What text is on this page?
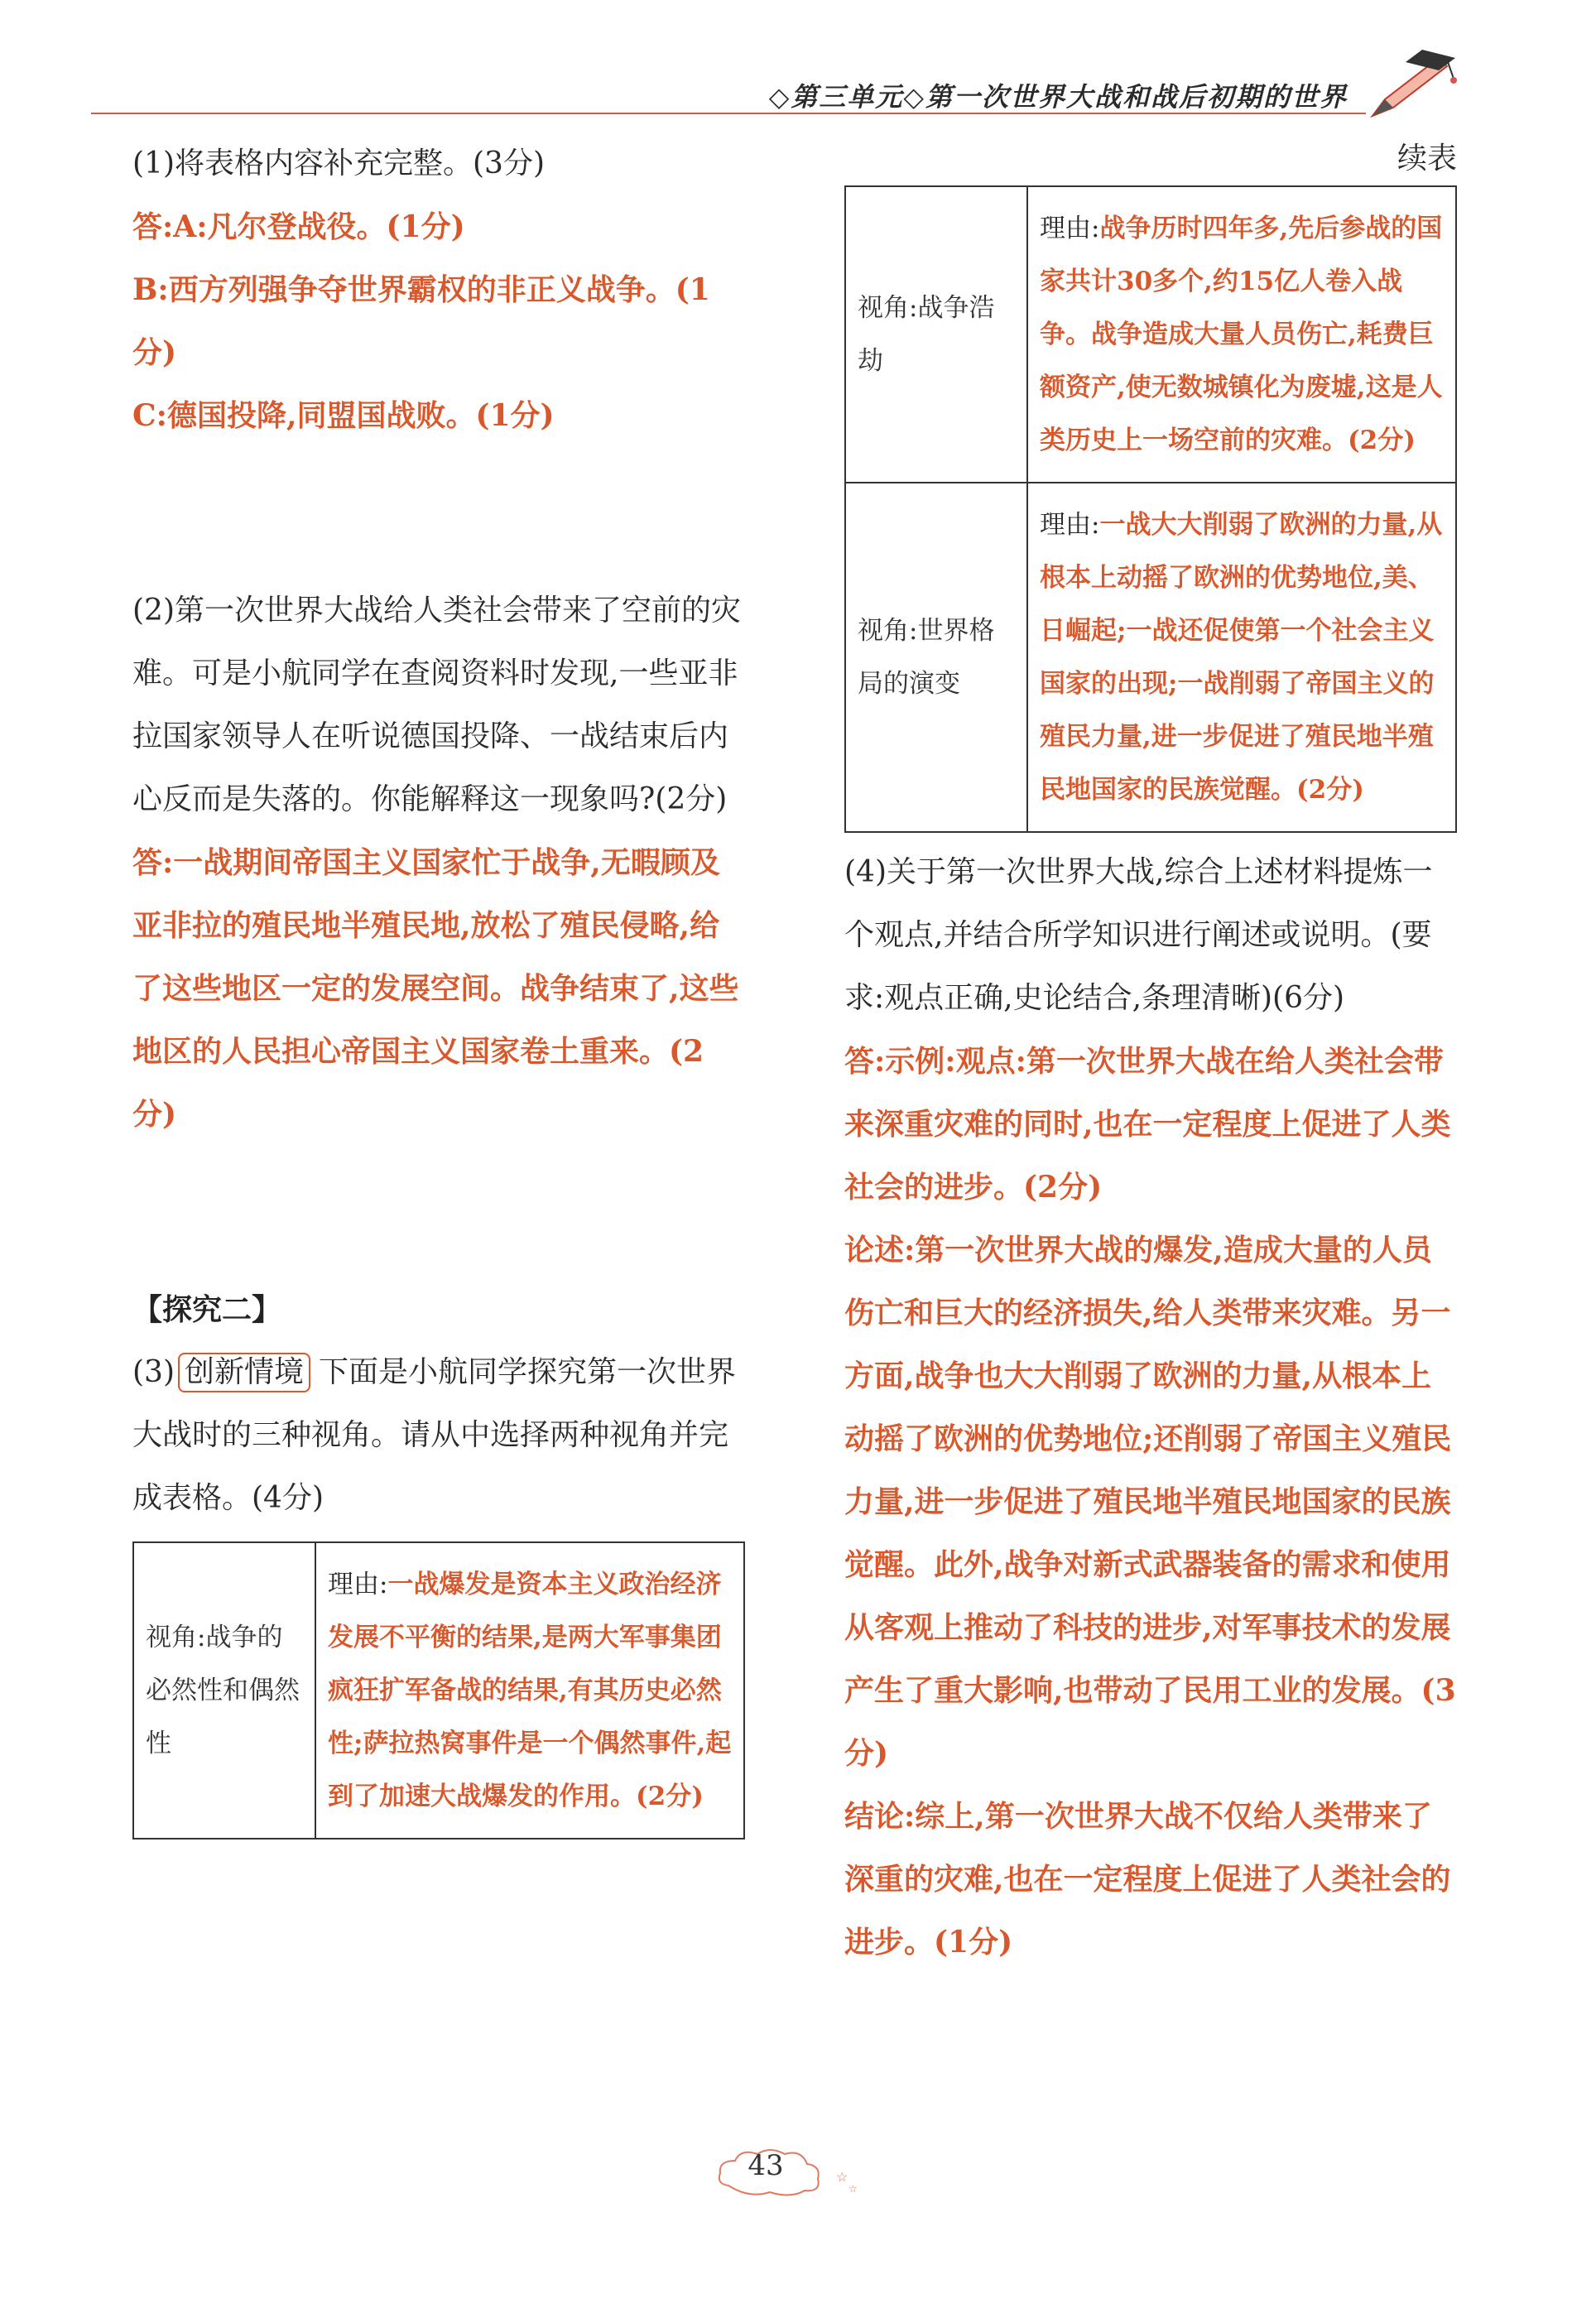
◇第三单元◇第一次世界大战和战后初期的世界

(1)将表格内容补充完整。(3分)

答:A:凡尔登战役。(1分)

B:西方列强争夺世界霸权的非正义战争。(1分)

C:德国投降,同盟国战败。(1分)

(2)第一次世界大战给人类社会带来了空前的灾难。可是小航同学在查阅资料时发现,一些亚非拉国家领导人在听说德国投降、一战结束后内心反而是失落的。你能解释这一现象吗?(2分)

答:一战期间帝国主义国家忙于战争,无暇顾及亚非拉的殖民地半殖民地,放松了殖民侵略,给了这些地区一定的发展空间。战争结束了,这些地区的人民担心帝国主义国家卷土重来。(2分)

【探究二】

(3) 创新情境 下面是小航同学探究第一次世界大战时的三种视角。请从中选择两种视角并完成表格。(4分)

视角:战争的必然性和偶然性	理由:一战爆发是资本主义政治经济发展不平衡的结果,是两大军事集团疯狂扩军备战的结果,有其历史必然性;萨拉热窝事件是一个偶然事件,起到了加速大战爆发的作用。(2分)
续表
视角:战争浩劫	理由:战争历时四年多,先后参战的国家共计30多个,约15亿人卷入战争。战争造成大量人员伤亡,耗费巨额资产,使无数城镇化为废墟,这是人类历史上一场空前的灾难。(2分)
视角:世界格局的演变	理由:一战大大削弱了欧洲的力量,从根本上动摇了欧洲的优势地位,美、日崛起;一战还促使第一个社会主义国家的出现;一战削弱了帝国主义的殖民力量,进一步促进了殖民地半殖民地国家的民族觉醒。(2分)

(4)关于第一次世界大战,综合上述材料提炼一个观点,并结合所学知识进行阐述或说明。(要求:观点正确,史论结合,条理清晰)(6分)

答:示例:观点:第一次世界大战在给人类社会带来深重灾难的同时,也在一定程度上促进了人类社会的进步。(2分)

论述:第一次世界大战的爆发,造成大量的人员伤亡和巨大的经济损失,给人类带来灾难。另一方面,战争也大大削弱了欧洲的力量,从根本上动摇了欧洲的优势地位;还削弱了帝国主义殖民力量,进一步促进了殖民地半殖民地国家的民族觉醒。此外,战争对新式武器装备的需求和使用从客观上推动了科技的进步,对军事技术的发展产生了重大影响,也带动了民用工业的发展。(3分)

结论:综上,第一次世界大战不仅给人类带来了深重的灾难,也在一定程度上促进了人类社会的进步。(1分)

☆
☆
43
